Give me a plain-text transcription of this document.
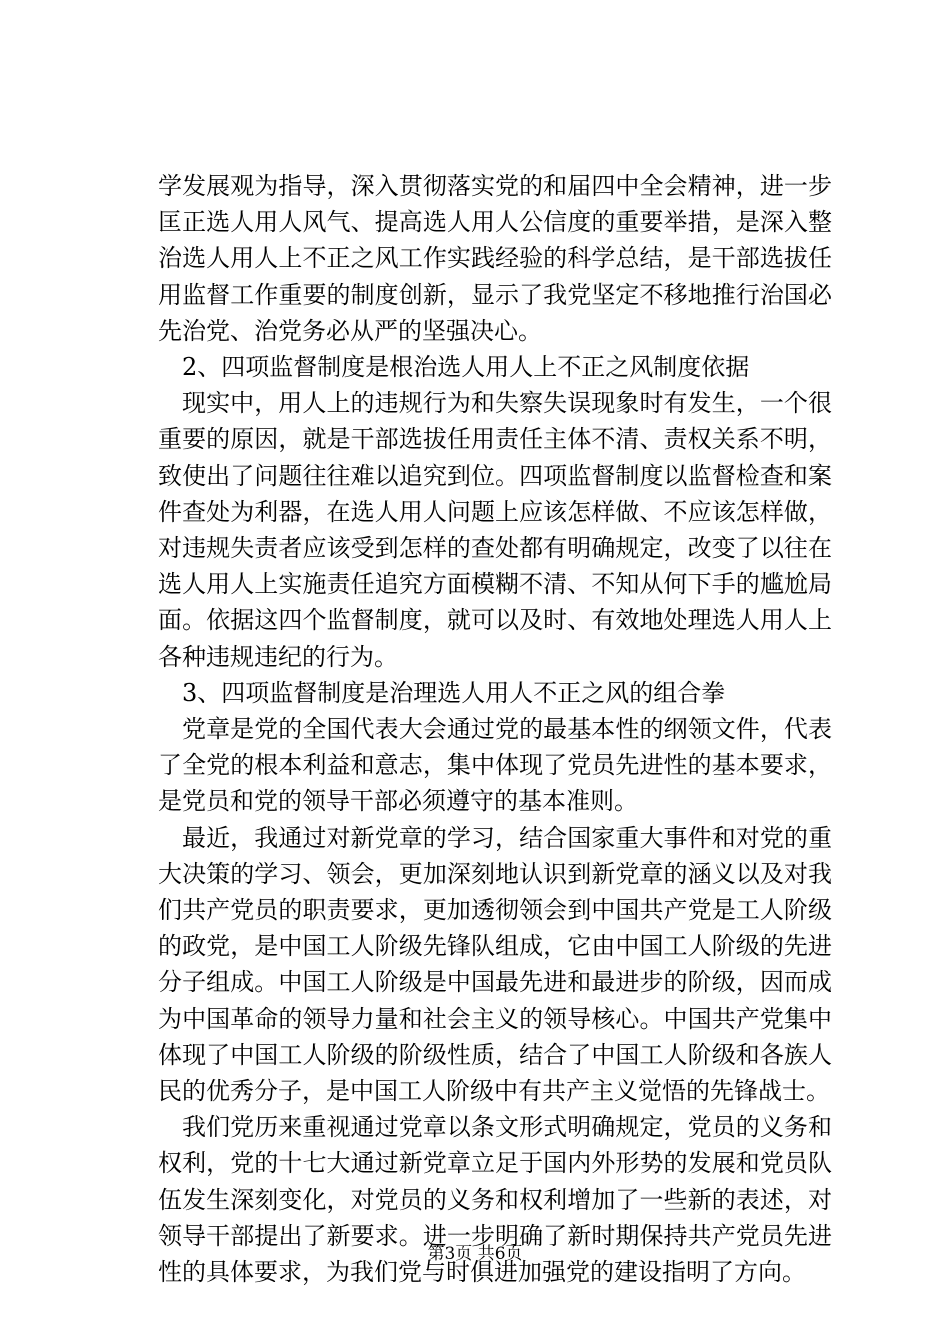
学发展观为指导，深入贯彻落实党的和届四中全会精神，进一步匡正选人用人风气、提高选人用人公信度的重要举措，是深入整治选人用人上不正之风工作实践经验的科学总结，是干部选拔任用监督工作重要的制度创新，显示了我党坚定不移地推行治国必先治党、治党务必从严的坚强决心。

2、四项监督制度是根治选人用人上不正之风制度依据

现实中，用人上的违规行为和失察失误现象时有发生，一个很重要的原因，就是干部选拔任用责任主体不清、责权关系不明，致使出了问题往往难以追究到位。四项监督制度以监督检查和案件查处为利器，在选人用人问题上应该怎样做、不应该怎样做，对违规失责者应该受到怎样的查处都有明确规定，改变了以往在选人用人上实施责任追究方面模糊不清、不知从何下手的尴尬局面。依据这四个监督制度，就可以及时、有效地处理选人用人上各种违规违纪的行为。

3、四项监督制度是治理选人用人不正之风的组合拳

党章是党的全国代表大会通过党的最基本性的纲领文件，代表了全党的根本利益和意志，集中体现了党员先进性的基本要求，是党员和党的领导干部必须遵守的基本准则。

最近，我通过对新党章的学习，结合国家重大事件和对党的重大决策的学习、领会，更加深刻地认识到新党章的涵义以及对我们共产党员的职责要求，更加透彻领会到中国共产党是工人阶级的政党，是中国工人阶级先锋队组成，它由中国工人阶级的先进分子组成。中国工人阶级是中国最先进和最进步的阶级，因而成为中国革命的领导力量和社会主义的领导核心。中国共产党集中体现了中国工人阶级的阶级性质，结合了中国工人阶级和各族人民的优秀分子，是中国工人阶级中有共产主义觉悟的先锋战士。

我们党历来重视通过党章以条文形式明确规定，党员的义务和权利，党的十七大通过新党章立足于国内外形势的发展和党员队伍发生深刻变化，对党员的义务和权利增加了一些新的表述，对领导干部提出了新要求。进一步明确了新时期保持共产党员先进性的具体要求，为我们党与时俱进加强党的建设指明了方向。

第3页 共6页
